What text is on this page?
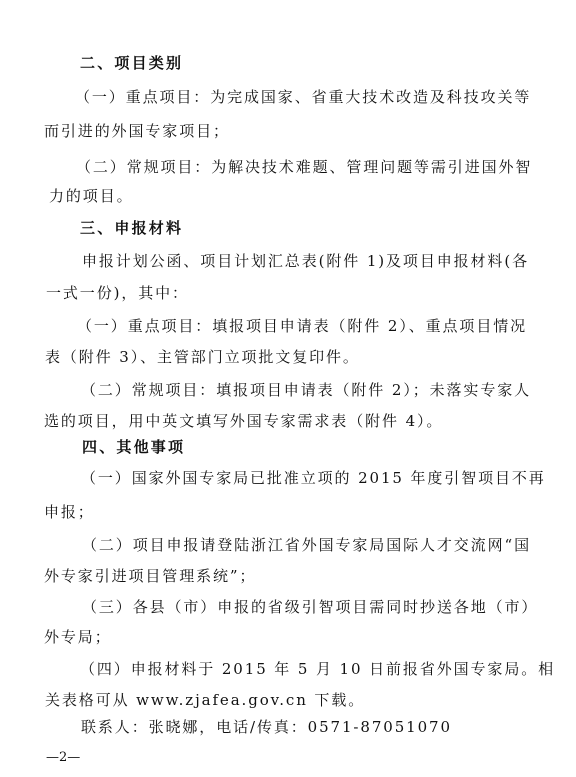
二、项目类别
（一）重点项目：为完成国家、省重大技术改造及科技攻关等
而引进的外国专家项目；
（二）常规项目：为解决技术难题、管理问题等需引进国外智
力的项目。
三、申报材料
申报计划公函、项目计划汇总表(附件 1)及项目申报材料(各
一式一份)，其中：
（一）重点项目：填报项目申请表（附件 2）、重点项目情况
表（附件 3）、主管部门立项批文复印件。
（二）常规项目：填报项目申请表（附件 2）；未落实专家人
选的项目，用中英文填写外国专家需求表（附件 4）。
四、其他事项
（一）国家外国专家局已批准立项的 2015 年度引智项目不再
申报；
（二）项目申报请登陆浙江省外国专家局国际人才交流网“国
外专家引进项目管理系统”；
（三）各县（市）申报的省级引智项目需同时抄送各地（市）
外专局；
（四）申报材料于 2015 年 5 月 10 日前报省外国专家局。相
关表格可从 www.zjafea.gov.cn 下载。
联系人：张晓娜，电话/传真：0571-87051070
—2—
